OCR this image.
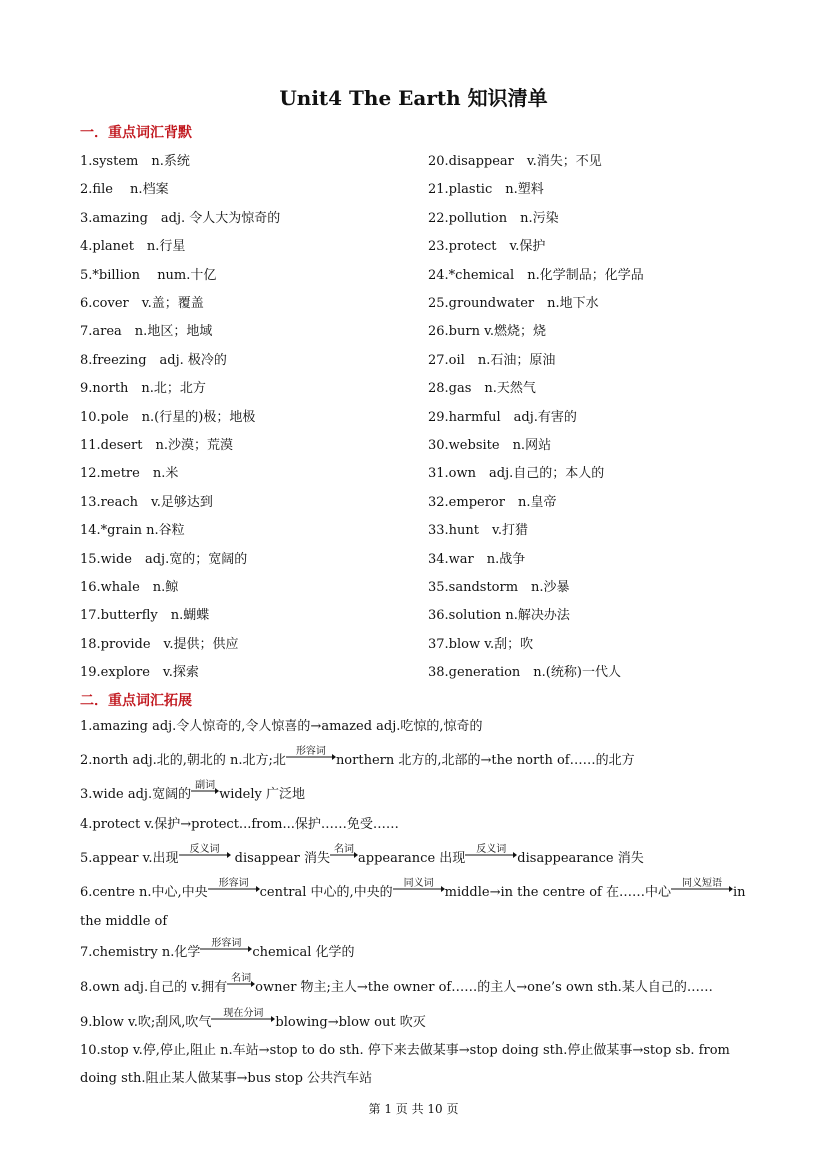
Unit4 The Earth 知识清单
一．重点词汇背默
1.system　n.系统
2.file　 n.档案
3.amazing　adj. 令人大为惊奇的
4.planet　n.行星
5.*billion　 num.十亿
6.cover　v.盖；覆盖
7.area　n.地区；地域
8.freezing　adj. 极冷的
9.north　n.北；北方
10.pole　n.(行星的)极；地极
11.desert　n.沙漠；荒漠
12.metre　n.米
13.reach　v.足够达到
14.*grain n.谷粒
15.wide　adj.宽的；宽阔的
16.whale　n.鲸
17.butterfly　n.蝴蝶
18.provide　v.提供；供应
19.explore　v.探索
20.disappear　v.消失；不见
21.plastic　n.塑料
22.pollution　n.污染
23.protect　v.保护
24.*chemical　n.化学制品；化学品
25.groundwater　n.地下水
26.burn v.燃烧；烧
27.oil　n.石油；原油
28.gas　n.天然气
29.harmful　adj.有害的
30.website　n.网站
31.own　adj.自己的；本人的
32.emperor　n.皇帝
33.hunt　v.打猎
34.war　n.战争
35.sandstorm　n.沙暴
36.solution n.解决办法
37.blow v.刮；吹
38.generation　n.(统称)一代人
二．重点词汇拓展
1.amazing adj.令人惊奇的,令人惊喜的→amazed adj.吃惊的,惊奇的
2.north adj.北的,朝北的 n.北方;北
形容词
northern 北方的,北部的→the north of……的北方
3.wide adj.宽阔的
副词
widely 广泛地
4.protect v.保护→protect...from...保护……免受……
5.appear v.出现
反义词
disappear 消失
名词
appearance 出现
反义词
disappearance 消失
6.centre n.中心,中央
形容词
central 中心的,中央的
同义词
middle→in the centre of 在……中心
同义短语
in
the middle of
7.chemistry n.化学
形容词
chemical 化学的
8.own adj.自己的 v.拥有
名词
owner 物主;主人→the owner of……的主人→one’s own sth.某人自己的……
9.blow v.吹;刮风,吹气
现在分词
blowing→blow out 吹灭
10.stop v.停,停止,阻止 n.车站→stop to do sth. 停下来去做某事→stop doing sth.停止做某事→stop sb. from
doing sth.阻止某人做某事→bus stop 公共汽车站
第 1 页 共 10 页
